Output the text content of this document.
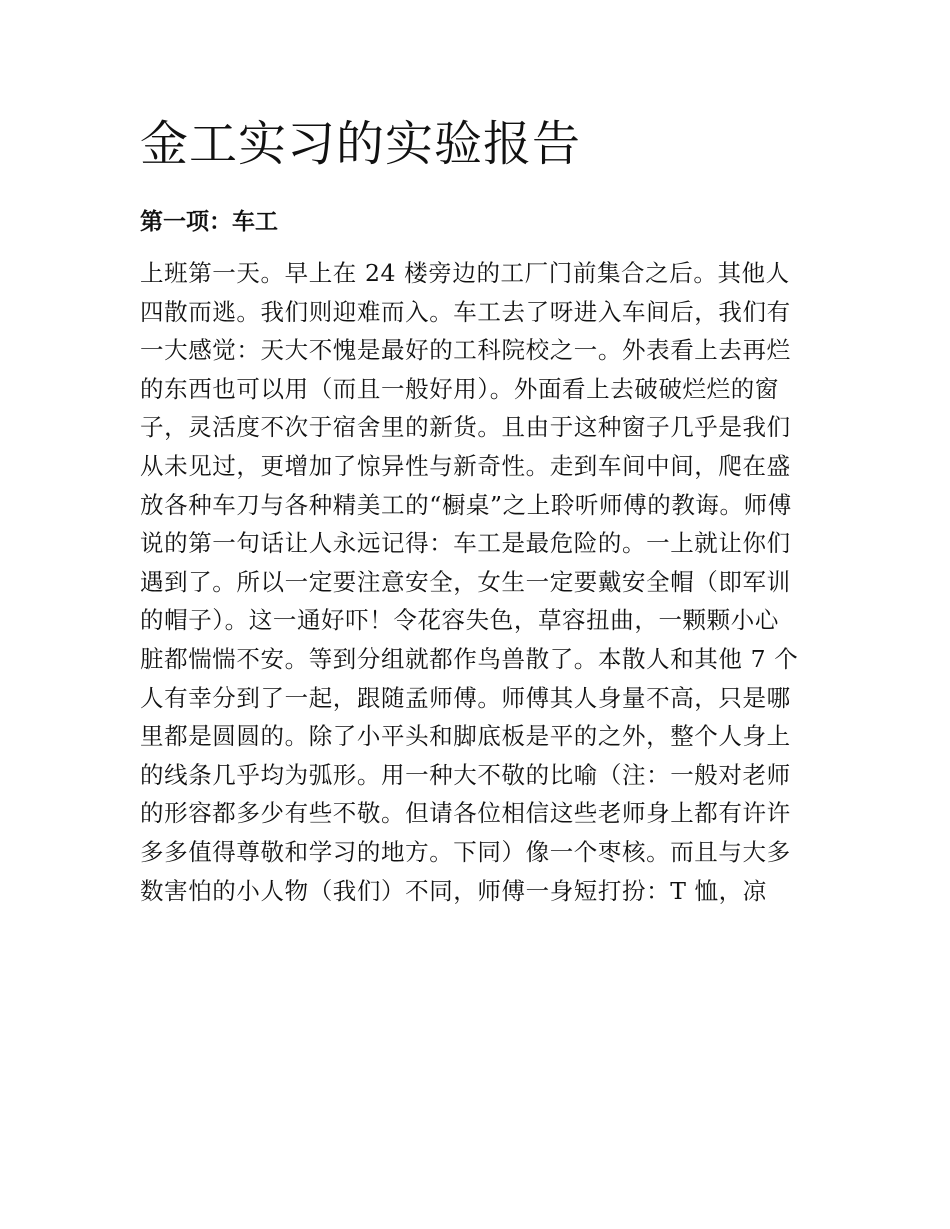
金工实习的实验报告
第一项：车工
上班第一天。早上在 24 楼旁边的工厂门前集合之后。其他人
四散而逃。我们则迎难而入。车工去了呀进入车间后，我们有
一大感觉：天大不愧是最好的工科院校之一。外表看上去再烂
的东西也可以用（而且一般好用）。外面看上去破破烂烂的窗
子，灵活度不次于宿舍里的新货。且由于这种窗子几乎是我们
从未见过，更增加了惊异性与新奇性。走到车间中间，爬在盛
放各种车刀与各种精美工的“橱桌”之上聆听师傅的教诲。师傅
说的第一句话让人永远记得：车工是最危险的。一上就让你们
遇到了。所以一定要注意安全，女生一定要戴安全帽（即军训
的帽子）。这一通好吓！令花容失色，草容扭曲，一颗颗小心
脏都惴惴不安。等到分组就都作鸟兽散了。本散人和其他 7 个
人有幸分到了一起，跟随孟师傅。师傅其人身量不高，只是哪
里都是圆圆的。除了小平头和脚底板是平的之外，整个人身上
的线条几乎均为弧形。用一种大不敬的比喻（注：一般对老师
的形容都多少有些不敬。但请各位相信这些老师身上都有许许
多多值得尊敬和学习的地方。下同）像一个枣核。而且与大多
数害怕的小人物（我们）不同，师傅一身短打扮：T 恤，凉
